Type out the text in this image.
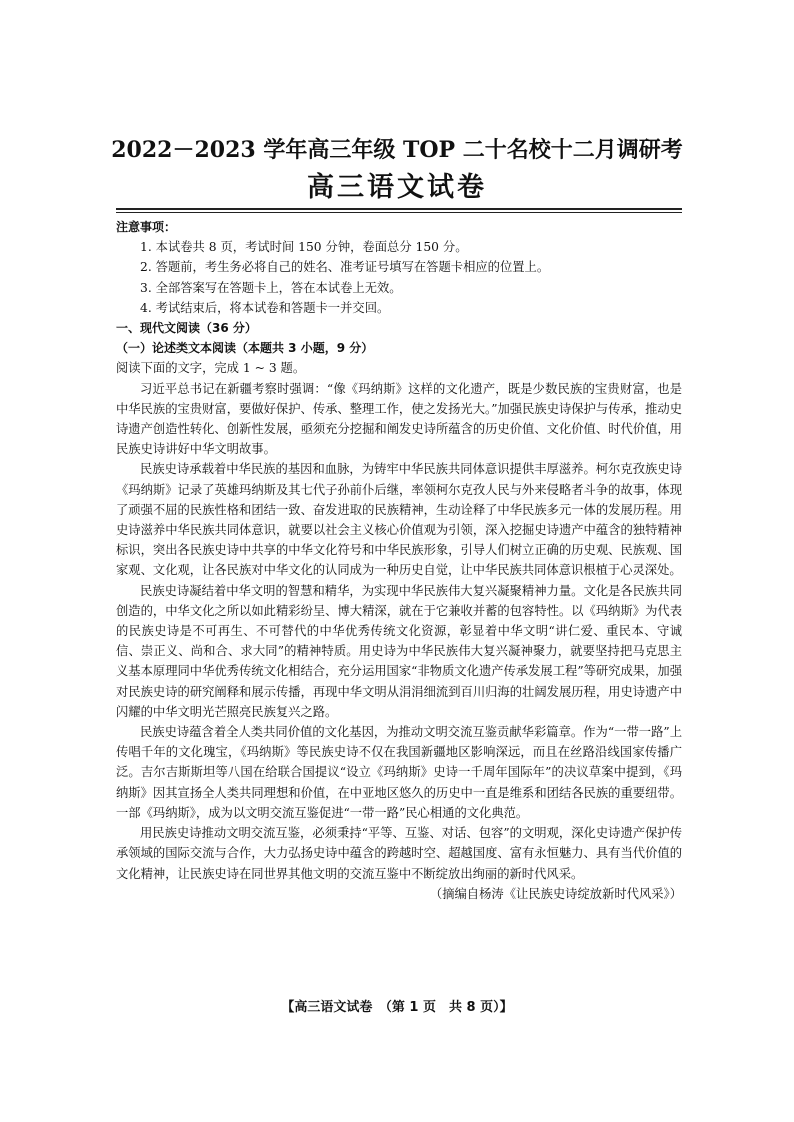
2022－2023 学年高三年级 TOP 二十名校十二月调研考
高三语文试卷

注意事项：

1. 本试卷共 8 页，考试时间 150 分钟，卷面总分 150 分。

2. 答题前，考生务必将自己的姓名、准考证号填写在答题卡相应的位置上。

3. 全部答案写在答题卡上，答在本试卷上无效。

4. 考试结束后，将本试卷和答题卡一并交回。

一、现代文阅读（36 分）

（一）论述类文本阅读（本题共 3 小题，9 分）

阅读下面的文字，完成 1 ~ 3 题。

习近平总书记在新疆考察时强调：“像《玛纳斯》这样的文化遗产，既是少数民族的宝贵财富，也是中华民族的宝贵财富，要做好保护、传承、整理工作，使之发扬光大。”加强民族史诗保护与传承，推动史诗遗产创造性转化、创新性发展，亟须充分挖掘和阐发史诗所蕴含的历史价值、文化价值、时代价值，用民族史诗讲好中华文明故事。

民族史诗承载着中华民族的基因和血脉，为铸牢中华民族共同体意识提供丰厚滋养。柯尔克孜族史诗《玛纳斯》记录了英雄玛纳斯及其七代子孙前仆后继，率领柯尔克孜人民与外来侵略者斗争的故事，体现了顽强不屈的民族性格和团结一致、奋发进取的民族精神，生动诠释了中华民族多元一体的发展历程。用史诗滋养中华民族共同体意识，就要以社会主义核心价值观为引领，深入挖掘史诗遗产中蕴含的独特精神标识，突出各民族史诗中共享的中华文化符号和中华民族形象，引导人们树立正确的历史观、民族观、国家观、文化观，让各民族对中华文化的认同成为一种历史自觉，让中华民族共同体意识根植于心灵深处。

民族史诗凝结着中华文明的智慧和精华，为实现中华民族伟大复兴凝聚精神力量。文化是各民族共同创造的，中华文化之所以如此精彩纷呈、博大精深，就在于它兼收并蓄的包容特性。以《玛纳斯》为代表的民族史诗是不可再生、不可替代的中华优秀传统文化资源，彰显着中华文明“讲仁爱、重民本、守诚信、崇正义、尚和合、求大同”的精神特质。用史诗为中华民族伟大复兴凝神聚力，就要坚持把马克思主义基本原理同中华优秀传统文化相结合，充分运用国家“非物质文化遗产传承发展工程”等研究成果，加强对民族史诗的研究阐释和展示传播，再现中华文明从涓涓细流到百川归海的壮阔发展历程，用史诗遗产中闪耀的中华文明光芒照亮民族复兴之路。

民族史诗蕴含着全人类共同价值的文化基因，为推动文明交流互鉴贡献华彩篇章。作为“一带一路”上传唱千年的文化瑰宝，《玛纳斯》等民族史诗不仅在我国新疆地区影响深远，而且在丝路沿线国家传播广泛。吉尔吉斯斯坦等八国在给联合国提议“设立《玛纳斯》史诗一千周年国际年”的决议草案中提到，《玛纳斯》因其宣扬全人类共同理想和价值，在中亚地区悠久的历史中一直是维系和团结各民族的重要纽带。一部《玛纳斯》，成为以文明交流互鉴促进“一带一路”民心相通的文化典范。

用民族史诗推动文明交流互鉴，必须秉持“平等、互鉴、对话、包容”的文明观，深化史诗遗产保护传承领域的国际交流与合作，大力弘扬史诗中蕴含的跨越时空、超越国度、富有永恒魅力、具有当代价值的文化精神，让民族史诗在同世界其他文明的交流互鉴中不断绽放出绚丽的新时代风采。

（摘编自杨涛《让民族史诗绽放新时代风采》）

【高三语文试卷　（第 1 页　共 8 页）】
